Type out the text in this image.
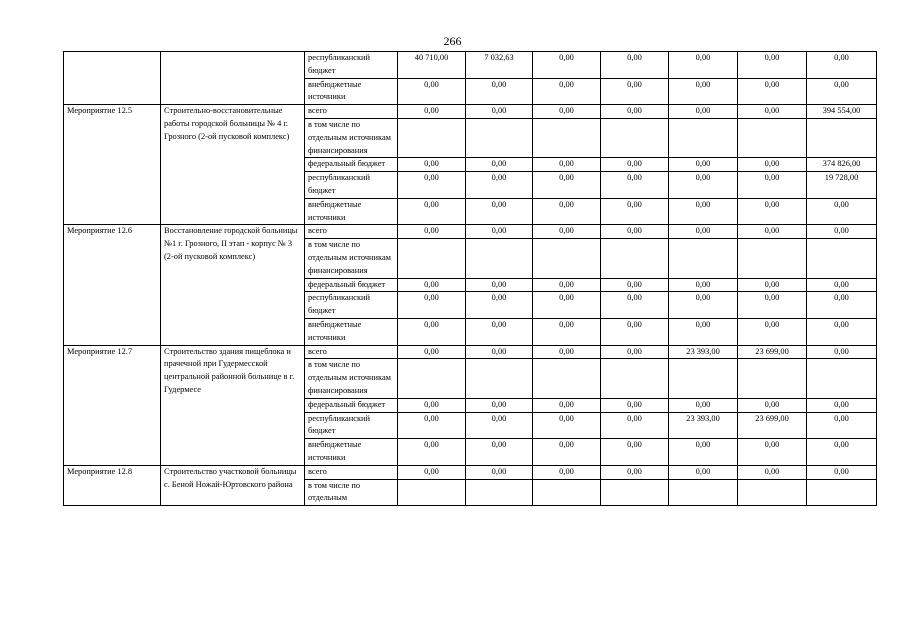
266
		республиканский бюджет	40 710,00	7 032,63	0,00	0,00	0,00	0,00	0,00
		внебюджетные источники	0,00	0,00	0,00	0,00	0,00	0,00	0,00
Мероприятие 12.5	Строительно-восстановительные работы городской больницы № 4 г. Грозного (2-ой пусковой комплекс)	всего	0,00	0,00	0,00	0,00	0,00	0,00	394 554,00
		в том числе по отдельным источникам финансирования							
		федеральный бюджет	0,00	0,00	0,00	0,00	0,00	0,00	374 826,00
		республиканский бюджет	0,00	0,00	0,00	0,00	0,00	0,00	19 728,00
		внебюджетные источники	0,00	0,00	0,00	0,00	0,00	0,00	0,00
Мероприятие 12.6	Восстановление городской больницы №1 г. Грозного, II этап - корпус № 3 (2-ой пусковой комплекс)	всего	0,00	0,00	0,00	0,00	0,00	0,00	0,00
		в том числе по отдельным источникам финансирования							
		федеральный бюджет	0,00	0,00	0,00	0,00	0,00	0,00	0,00
		республиканский бюджет	0,00	0,00	0,00	0,00	0,00	0,00	0,00
		внебюджетные источники	0,00	0,00	0,00	0,00	0,00	0,00	0,00
Мероприятие 12.7	Строительство здания пищеблока и прачечной при Гудермесской центральной районной больнице в г. Гудермесе	всего	0,00	0,00	0,00	0,00	23 393,00	23 699,00	0,00
		в том числе по отдельным источникам финансирования							
		федеральный бюджет	0,00	0,00	0,00	0,00	0,00	0,00	0,00
		республиканский бюджет	0,00	0,00	0,00	0,00	23 393,00	23 699,00	0,00
		внебюджетные источники	0,00	0,00	0,00	0,00	0,00	0,00	0,00
Мероприятие 12.8	Строительство участковой больницы с. Беной Ножай-Юртовского района	всего	0,00	0,00	0,00	0,00	0,00	0,00	0,00
		в том числе по отдельным							
